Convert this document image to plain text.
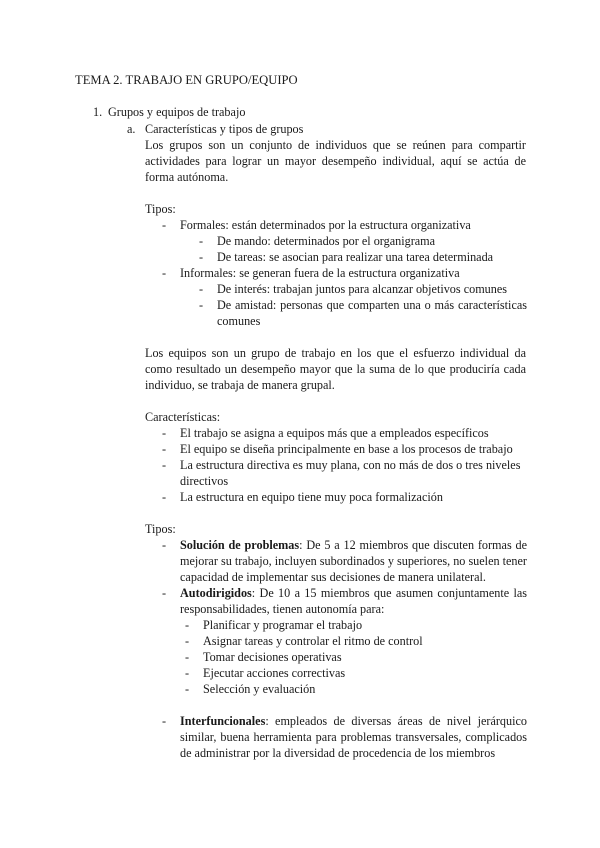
TEMA 2. TRABAJO EN GRUPO/EQUIPO
1. Grupos y equipos de trabajo
a. Características y tipos de grupos
Los grupos son un conjunto de individuos que se reúnen para compartir actividades para lograr un mayor desempeño individual, aquí se actúa de forma autónoma.
Tipos:
- Formales: están determinados por la estructura organizativa
- De mando: determinados por el organigrama
- De tareas: se asocian para realizar una tarea determinada
- Informales: se generan fuera de la estructura organizativa
- De interés: trabajan juntos para alcanzar objetivos comunes
- De amistad: personas que comparten una o más características comunes
Los equipos son un grupo de trabajo en los que el esfuerzo individual da como resultado un desempeño mayor que la suma de lo que produciría cada individuo, se trabaja de manera grupal.
Características:
- El trabajo se asigna a equipos más que a empleados específicos
- El equipo se diseña principalmente en base a los procesos de trabajo
- La estructura directiva es muy plana, con no más de dos o tres niveles directivos
- La estructura en equipo tiene muy poca formalización
Tipos:
- Solución de problemas: De 5 a 12 miembros que discuten formas de mejorar su trabajo, incluyen subordinados y superiores, no suelen tener capacidad de implementar sus decisiones de manera unilateral.
- Autodirigidos: De 10 a 15 miembros que asumen conjuntamente las responsabilidades, tienen autonomía para:
- Planificar y programar el trabajo
- Asignar tareas y controlar el ritmo de control
- Tomar decisiones operativas
- Ejecutar acciones correctivas
- Selección y evaluación
- Interfuncionales: empleados de diversas áreas de nivel jerárquico similar, buena herramienta para problemas transversales, complicados de administrar por la diversidad de procedencia de los miembros
